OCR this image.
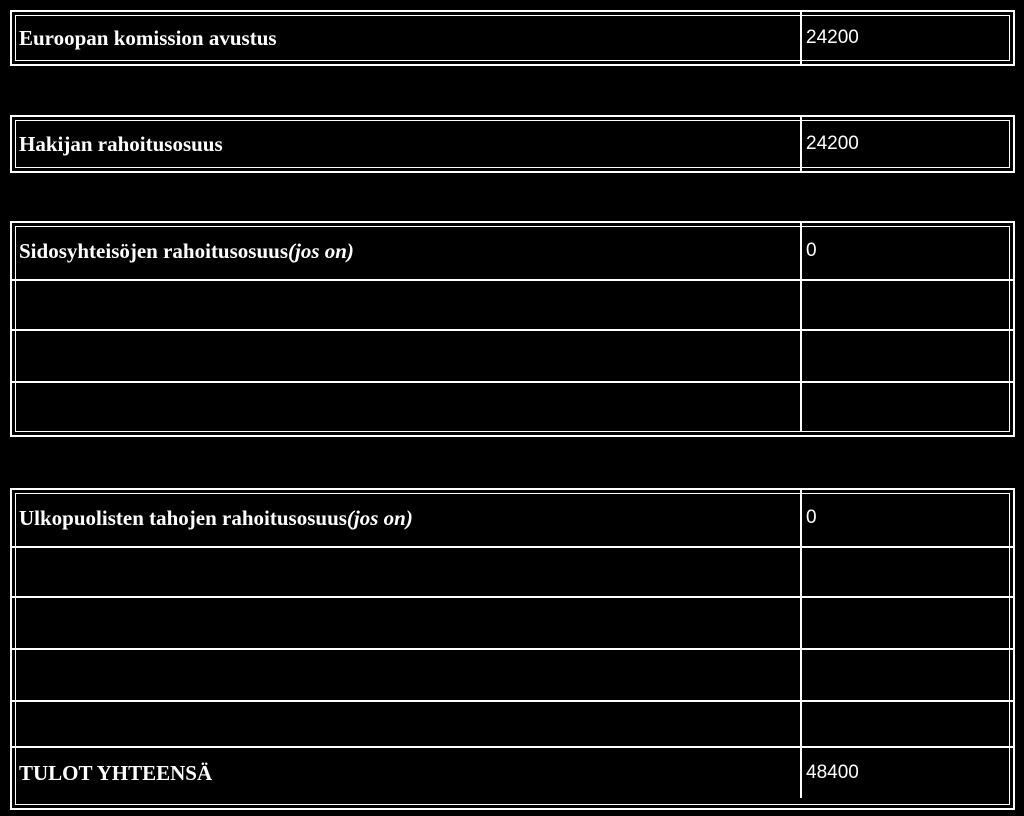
Euroopan komission avustus	24200
Hakijan rahoitusosuus	24200
Sidosyhteisöjen rahoitusosuus (jos on)	0
Ulkopuolisten tahojen rahoitusosuus (jos on)	0
TULOT YHTEENSÄ	48400
